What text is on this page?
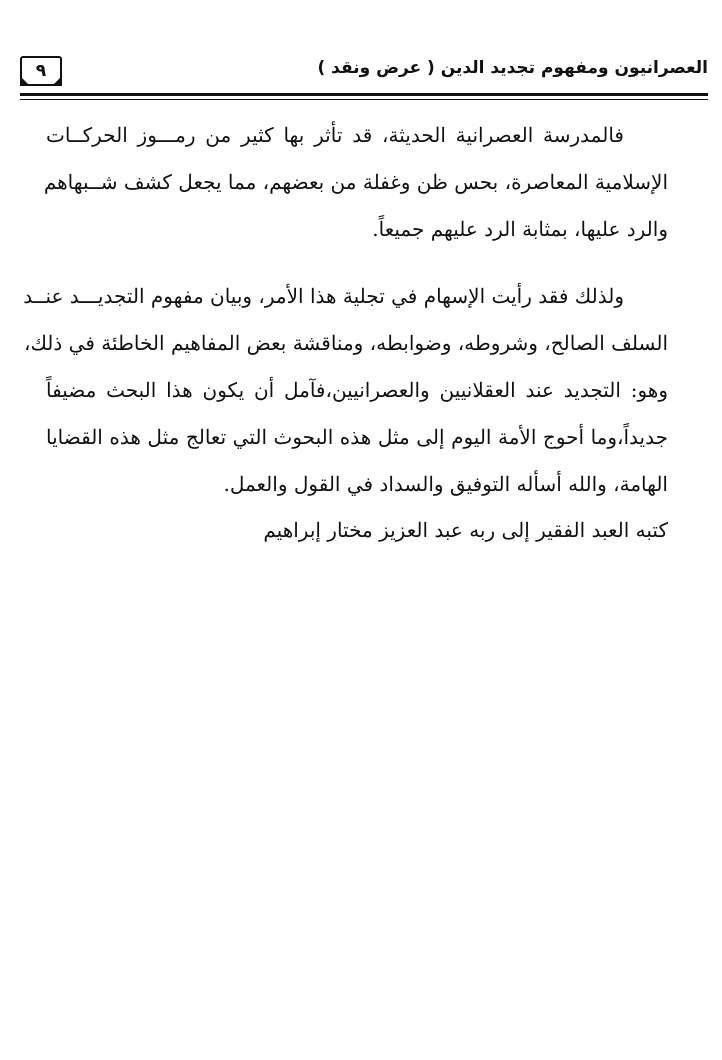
٩	العصرانيون ومفهوم تجديد الدين ( عرض ونقد )
فالمدرسة العصرانية الحديثة، قد تأثر بها كثير من رمـــوز الحركــات
الإسلامية المعاصرة، بحس ظن وغفلة من بعضهم، مما يجعل كشف شــبهاهم
والرد عليها، بمثابة الرد عليهم جميعاً.
ولذلك فقد رأيت الإسهام في تجلية هذا الأمر، وبيان مفهوم التجديـــد عنــد
السلف الصالح، وشروطه، وضوابطه، ومناقشة بعض المفاهيم الخاطئة في ذلك،
وهو: التجديد عند العقلانيين والعصرانيين،فآمل أن يكون هذا البحث مضيفاً
جديداً،وما أحوج الأمة اليوم إلى مثل هذه البحوث التي تعالج مثل هذه القضايا
الهامة، والله أسأله التوفيق والسداد في القول والعمل.
كتبه العبد الفقير إلى ربه عبد العزيز مختار إبراهيم
